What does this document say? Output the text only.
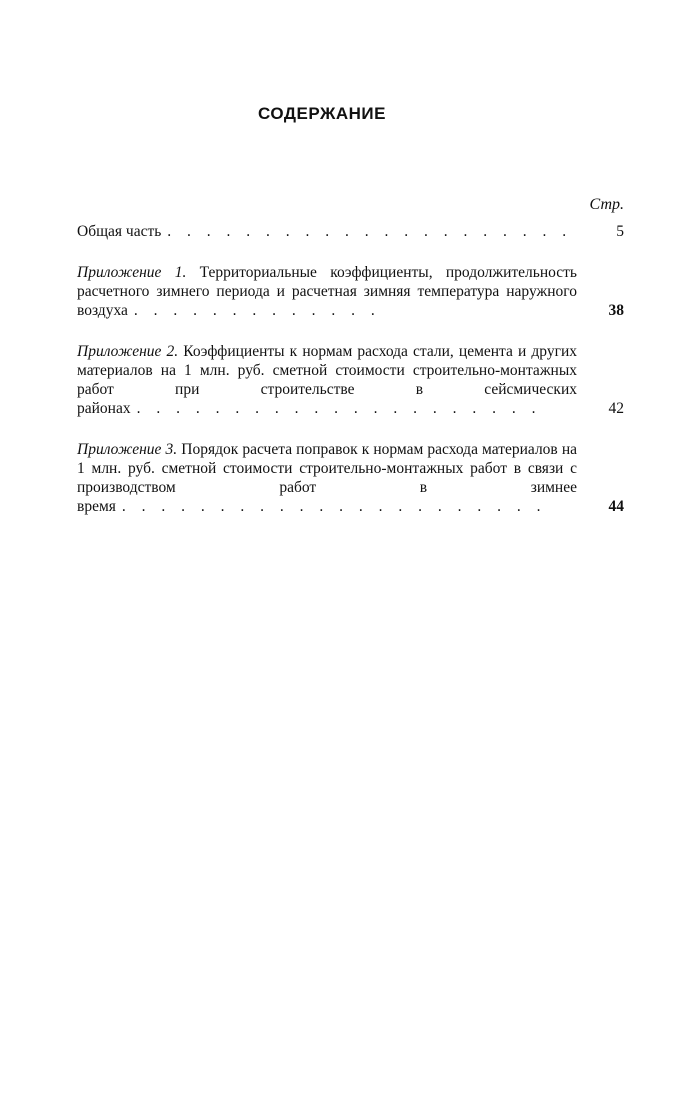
СОДЕРЖАНИЕ
Стр.
Общая часть . . . . . . . . . . . . . . . . . . . . .	5
Приложение 1. Территориальные коэффициенты, продолжительность расчетного зимнего периода и расчетная зимняя температура наружного воздуха . . . . . . . . . . . . .	38
Приложение 2. Коэффициенты к нормам расхода стали, цемента и других материалов на 1 млн. руб. сметной стоимости строительно-монтажных работ при строительстве в сейсмических районах . . . . . . . . . . . . . . . . . . . . .	42
Приложение 3. Порядок расчета поправок к нормам расхода материалов на 1 млн. руб. сметной стоимости строительно-монтажных работ в связи с производством работ в зимнее время . . . . . . . . . . . . . . . . . . . . . .	44
